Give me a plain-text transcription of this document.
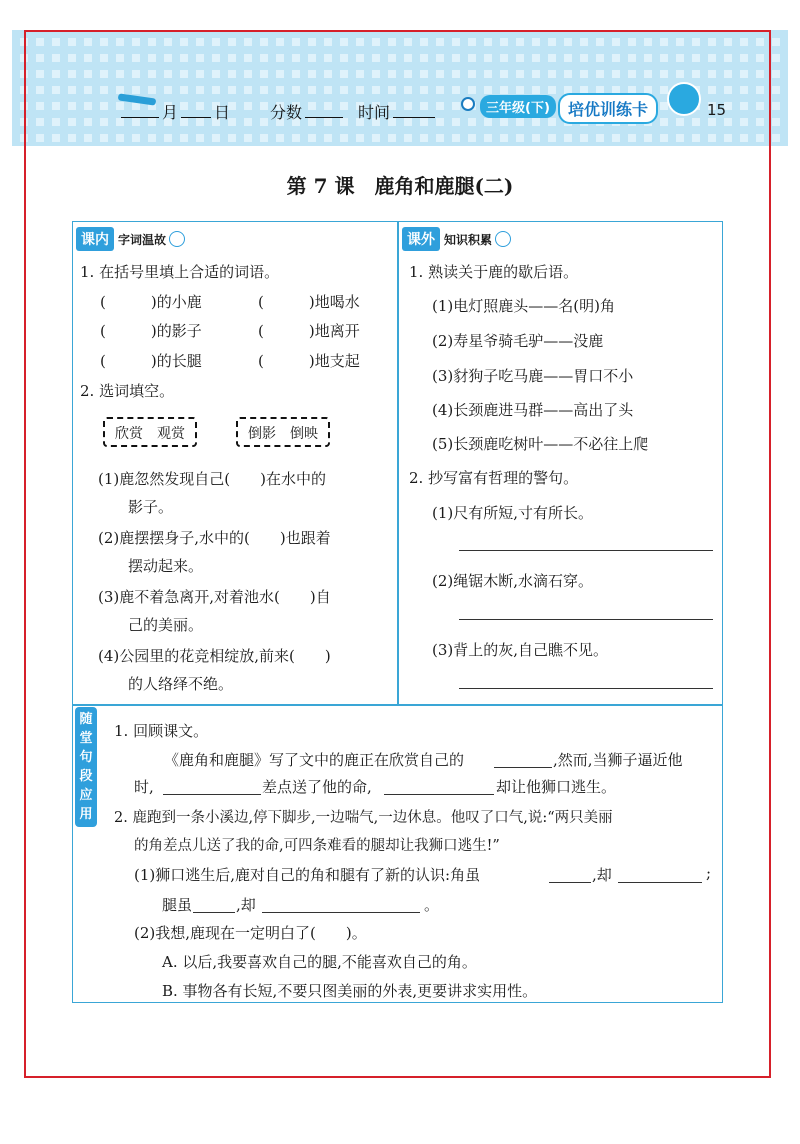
月 日	分数	时间	三年级(下)	培优训练卡	15
第 7 课　鹿角和鹿腿(二)
课内 字词温故
1. 在括号里填上合适的词语。
(　　　)的小鹿	(　　　)地喝水
(　　　)的影子	(　　　)地离开
(　　　)的长腿	(　　　)地支起
2. 选词填空。
欣赏　观赏	倒影　倒映
(1)鹿忽然发现自己(　　)在水中的
影子。
(2)鹿摆摆身子,水中的(　　)也跟着
摆动起来。
(3)鹿不着急离开,对着池水(　　)自
己的美丽。
(4)公园里的花竞相绽放,前来(　　)
的人络绎不绝。
课外 知识积累
1. 熟读关于鹿的歇后语。
(1)电灯照鹿头——名(明)角
(2)寿星爷骑毛驴——没鹿
(3)豺狗子吃马鹿——胃口不小
(4)长颈鹿进马群——高出了头
(5)长颈鹿吃树叶——不必往上爬
2. 抄写富有哲理的警句。
(1)尺有所短,寸有所长。
(2)绳锯木断,水滴石穿。
(3)背上的灰,自己瞧不见。
随
堂
句
段
应
用
1. 回顾课文。
《鹿角和鹿腿》写了文中的鹿正在欣赏自己的	,然而,当狮子逼近他
时,	差点送了他的命,	却让他狮口逃生。
2. 鹿跑到一条小溪边,停下脚步,一边喘气,一边休息。他叹了口气,说:“两只美丽
的角差点儿送了我的命,可四条难看的腿却让我狮口逃生!”
(1)狮口逃生后,鹿对自己的角和腿有了新的认识:角虽	,却	;
腿虽	,却	。
(2)我想,鹿现在一定明白了(　　)。
A. 以后,我要喜欢自己的腿,不能喜欢自己的角。
B. 事物各有长短,不要只图美丽的外表,更要讲求实用性。
